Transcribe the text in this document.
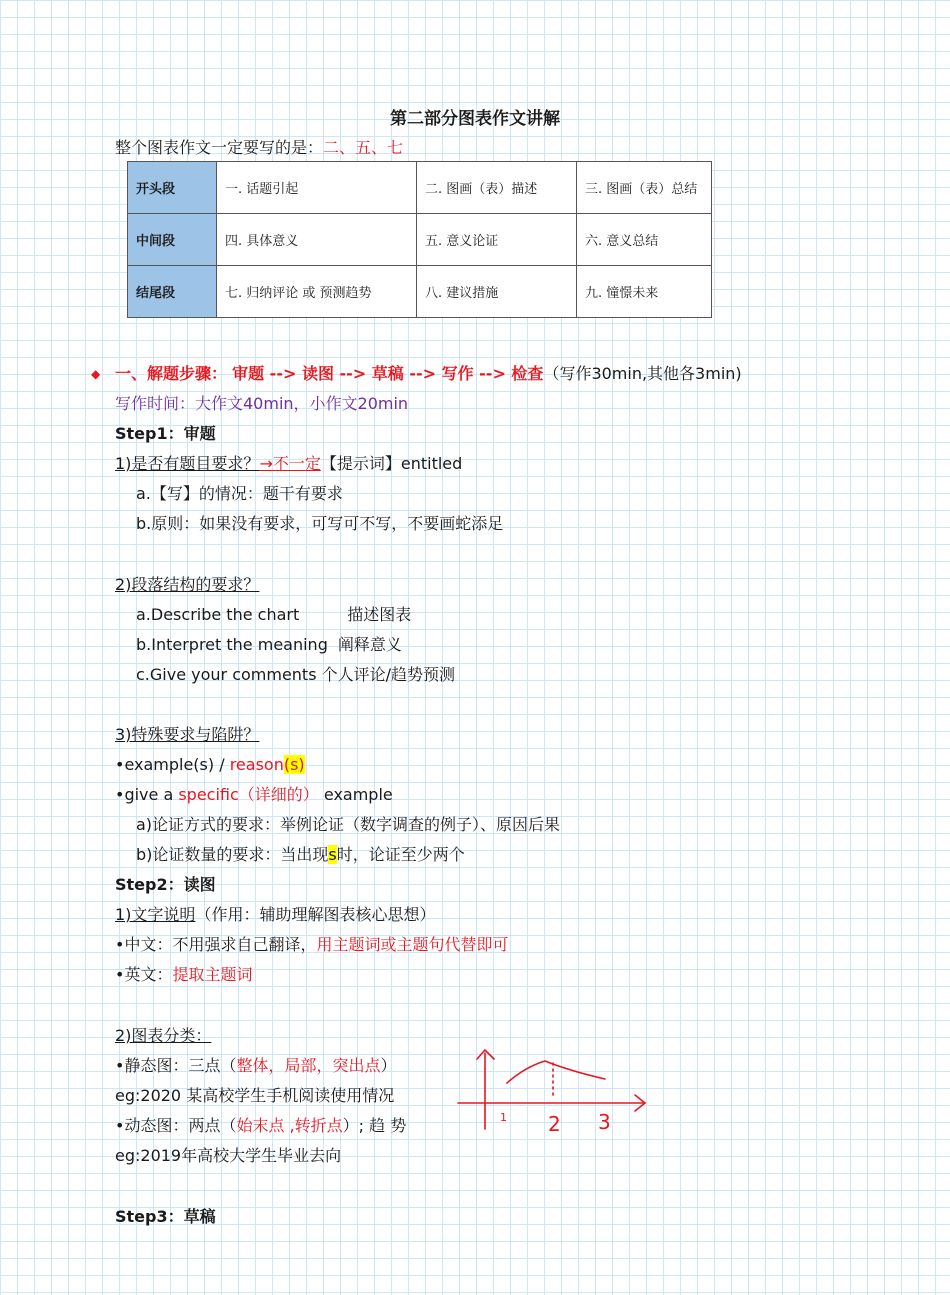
第二部分图表作文讲解
整个图表作文一定要写的是：二、五、七
开头段	一. 话题引起	二. 图画（表）描述	三. 图画（表）总结
中间段	四. 具体意义	五. 意义论证	六. 意义总结
结尾段	七. 归纳评论 或 预测趋势	八. 建议措施	九. 憧憬未来
◆ 一、解题步骤： 审题 --> 读图 --> 草稿 --> 写作 --> 检查（写作30min,其他各3min)
写作时间：大作文40min，小作文20min
Step1：审题
1)是否有题目要求？→不一定【提示词】entitled
a.【写】的情况：题干有要求
b.原则：如果没有要求，可写可不写，不要画蛇添足
2)段落结构的要求？
a.Describe the chart	描述图表
b.Interpret the meaning 阐释意义
c.Give your comments 个人评论/趋势预测
3)特殊要求与陷阱？
•example(s) / reason(s)
•give a specific（详细的） example
a)论证方式的要求：举例论证（数字调查的例子）、原因后果
b)论证数量的要求：当出现s时，论证至少两个
Step2：读图
1)文字说明（作用：辅助理解图表核心思想）
•中文：不用强求自己翻译，用主题词或主题句代替即可
•英文：提取主题词
2)图表分类：
•静态图：三点（整体，局部，突出点）
eg:2020 某高校学生手机阅读使用情况
•动态图：两点（始末点 ,转折点）; 趋 势
eg:2019年高校大学生毕业去向
1 2 3
Step3：草稿
